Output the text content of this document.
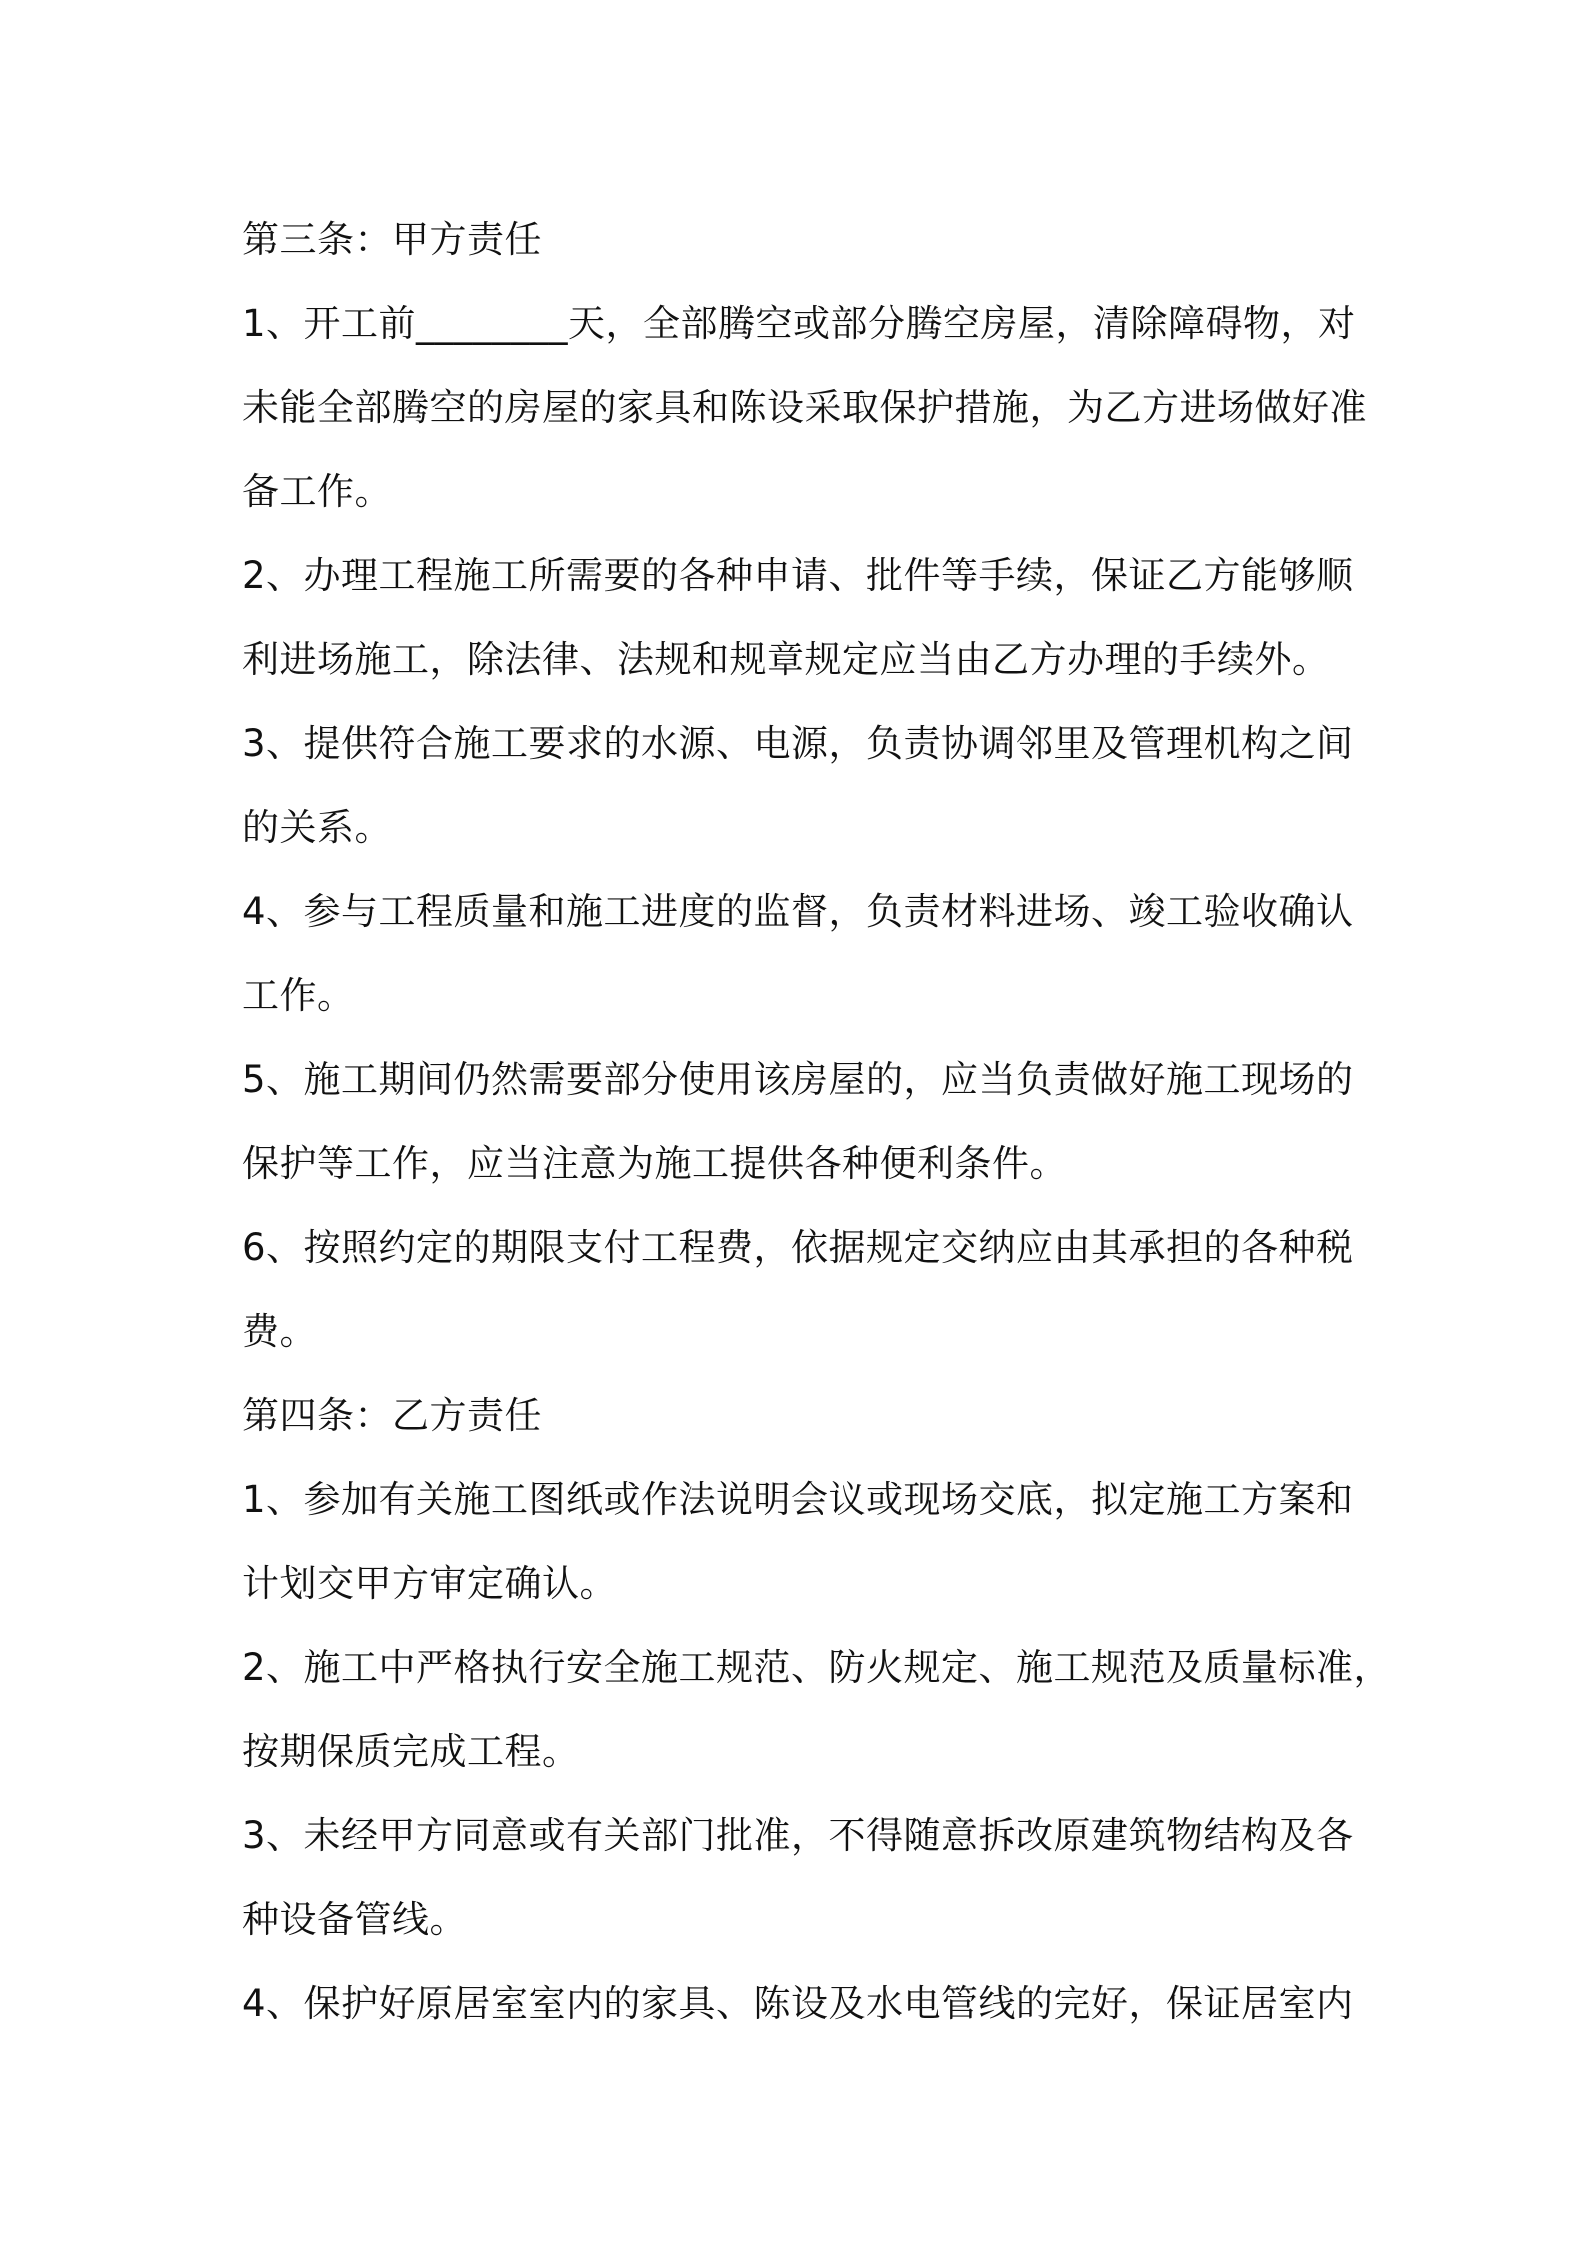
第三条：甲方责任
1、开工前________天，全部腾空或部分腾空房屋，清除障碍物，对
未能全部腾空的房屋的家具和陈设采取保护措施，为乙方进场做好准
备工作。
2、办理工程施工所需要的各种申请、批件等手续，保证乙方能够顺
利进场施工，除法律、法规和规章规定应当由乙方办理的手续外。
3、提供符合施工要求的水源、电源，负责协调邻里及管理机构之间
的关系。
4、参与工程质量和施工进度的监督，负责材料进场、竣工验收确认
工作。
5、施工期间仍然需要部分使用该房屋的，应当负责做好施工现场的
保护等工作，应当注意为施工提供各种便利条件。
6、按照约定的期限支付工程费，依据规定交纳应由其承担的各种税
费。
第四条：乙方责任
1、参加有关施工图纸或作法说明会议或现场交底，拟定施工方案和
计划交甲方审定确认。
2、施工中严格执行安全施工规范、防火规定、施工规范及质量标准，
按期保质完成工程。
3、未经甲方同意或有关部门批准，不得随意拆改原建筑物结构及各
种设备管线。
4、保护好原居室室内的家具、陈设及水电管线的完好，保证居室内
